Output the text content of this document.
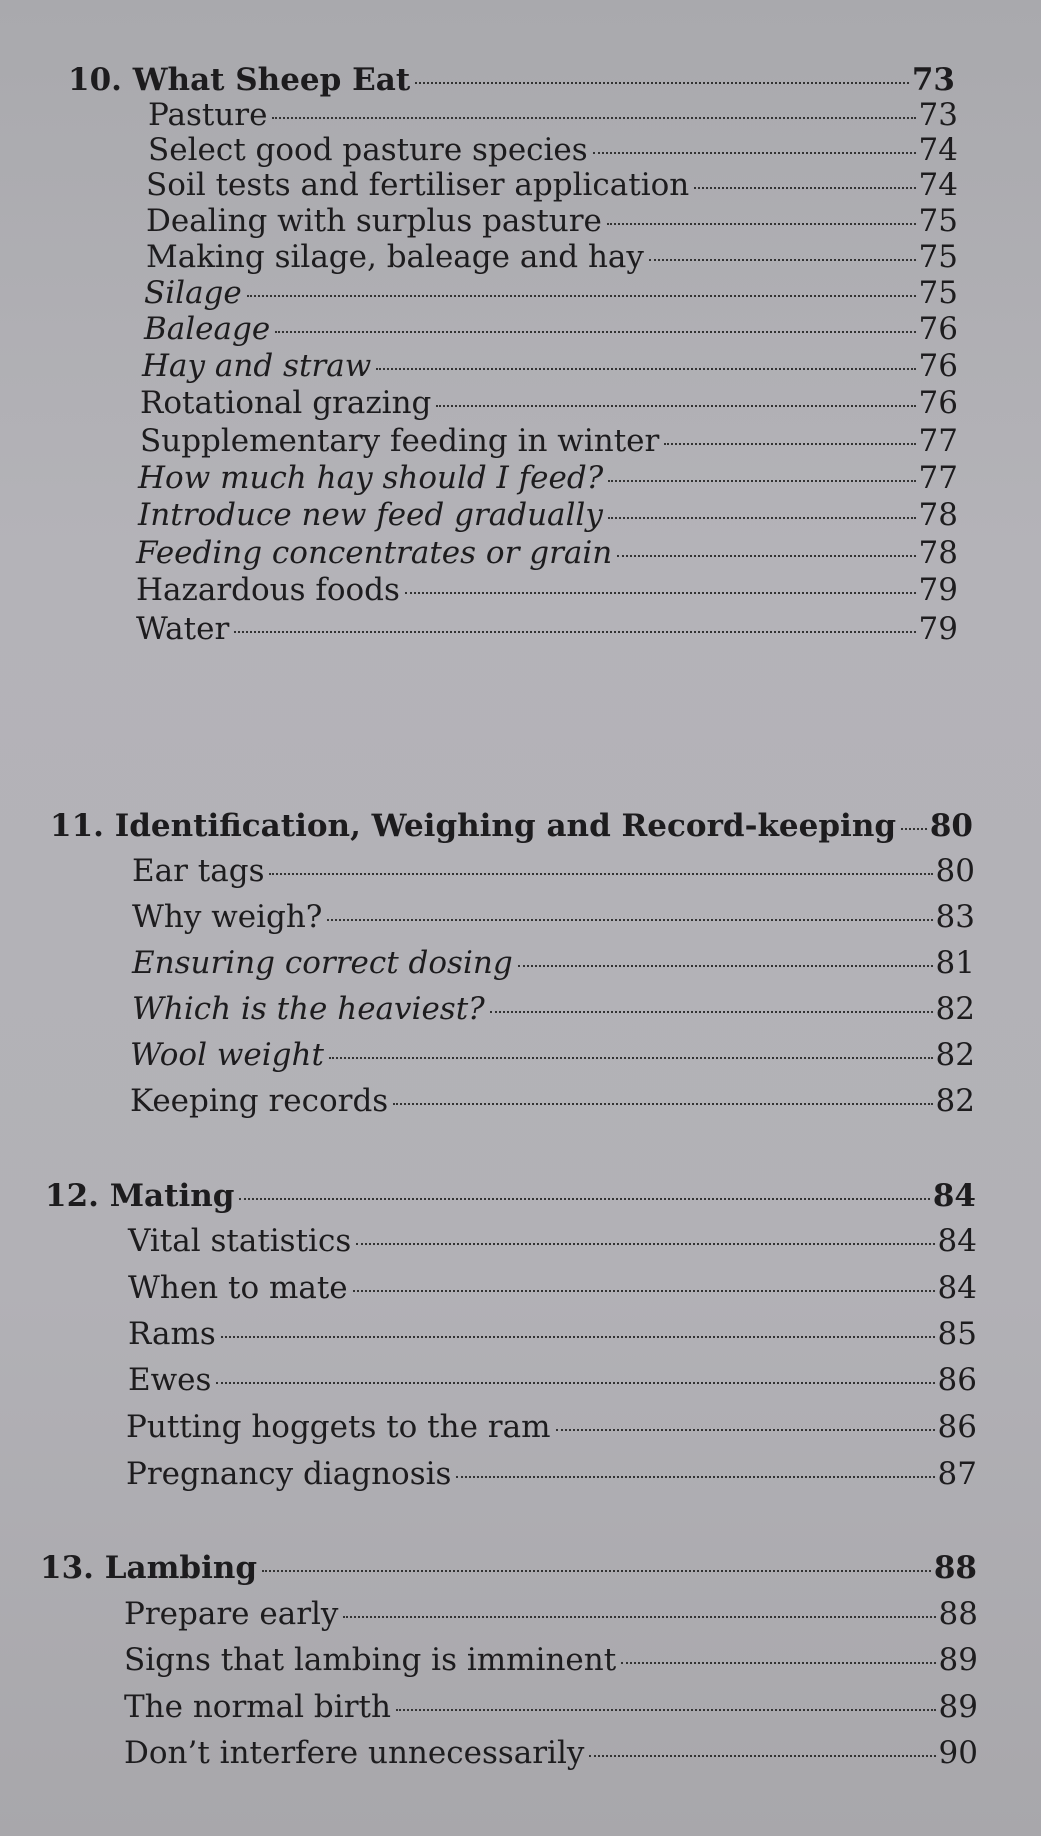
10. What Sheep Eat	73
Pasture	73
Select good pasture species	74
Soil tests and fertiliser application	74
Dealing with surplus pasture	75
Making silage, baleage and hay	75
Silage	75
Baleage	76
Hay and straw	76
Rotational grazing	76
Supplementary feeding in winter	77
How much hay should I feed?	77
Introduce new feed gradually	78
Feeding concentrates or grain	78
Hazardous foods	79
Water	79
11. Identification, Weighing and Record-keeping 80
Ear tags	80
Why weigh?	83
Ensuring correct dosing	81
Which is the heaviest?	82
Wool weight	82
Keeping records	82
12. Mating	84
Vital statistics	84
When to mate	84
Rams	85
Ewes	86
Putting hoggets to the ram	86
Pregnancy diagnosis	87
13. Lambing	88
Prepare early	88
Signs that lambing is imminent	89
The normal birth	89
Don’t interfere unnecessarily	90
